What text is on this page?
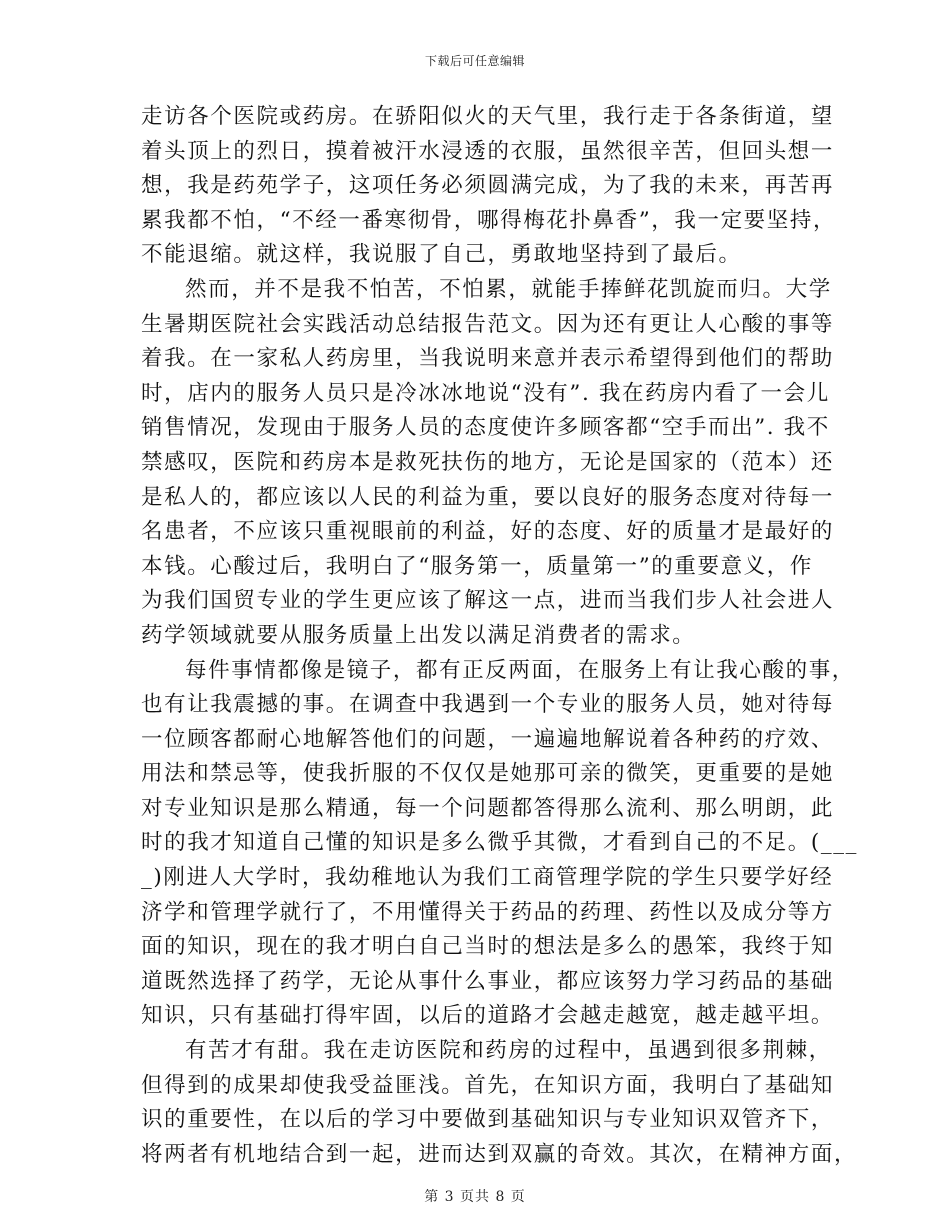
下载后可任意编辑
走访各个医院或药房。在骄阳似火的天气里，我行走于各条街道，望
着头顶上的烈日，摸着被汗水浸透的衣服，虽然很辛苦，但回头想一
想，我是药苑学子，这项任务必须圆满完成，为了我的未来，再苦再
累我都不怕，“不经一番寒彻骨，哪得梅花扑鼻香”，我一定要坚持，
不能退缩。就这样，我说服了自己，勇敢地坚持到了最后。
然而，并不是我不怕苦，不怕累，就能手捧鲜花凯旋而归。大学
生暑期医院社会实践活动总结报告范文。因为还有更让人心酸的事等
着我。在一家私人药房里，当我说明来意并表示希望得到他们的帮助
时，店内的服务人员只是冷冰冰地说“没有”. 我在药房内看了一会儿
销售情况，发现由于服务人员的态度使许多顾客都“空手而出”. 我不
禁感叹，医院和药房本是救死扶伤的地方，无论是国家的（范本）还
是私人的，都应该以人民的利益为重，要以良好的服务态度对待每一
名患者，不应该只重视眼前的利益，好的态度、好的质量才是最好的
本钱。心酸过后，我明白了“服务第一，质量第一”的重要意义，作
为我们国贸专业的学生更应该了解这一点，进而当我们步人社会进人
药学领域就要从服务质量上出发以满足消费者的需求。
每件事情都像是镜子，都有正反两面，在服务上有让我心酸的事，
也有让我震撼的事。在调查中我遇到一个专业的服务人员，她对待每
一位顾客都耐心地解答他们的问题，一遍遍地解说着各种药的疗效、
用法和禁忌等，使我折服的不仅仅是她那可亲的微笑，更重要的是她
对专业知识是那么精通，每一个问题都答得那么流利、那么明朗，此
时的我才知道自己懂的知识是多么微乎其微，才看到自己的不足。(___
_)刚进人大学时，我幼稚地认为我们工商管理学院的学生只要学好经
济学和管理学就行了，不用懂得关于药品的药理、药性以及成分等方
面的知识，现在的我才明白自己当时的想法是多么的愚笨，我终于知
道既然选择了药学，无论从事什么事业，都应该努力学习药品的基础
知识，只有基础打得牢固，以后的道路才会越走越宽，越走越平坦。
有苦才有甜。我在走访医院和药房的过程中，虽遇到很多荆棘，
但得到的成果却使我受益匪浅。首先，在知识方面，我明白了基础知
识的重要性，在以后的学习中要做到基础知识与专业知识双管齐下，
将两者有机地结合到一起，进而达到双赢的奇效。其次，在精神方面，
第 3 页共 8 页
